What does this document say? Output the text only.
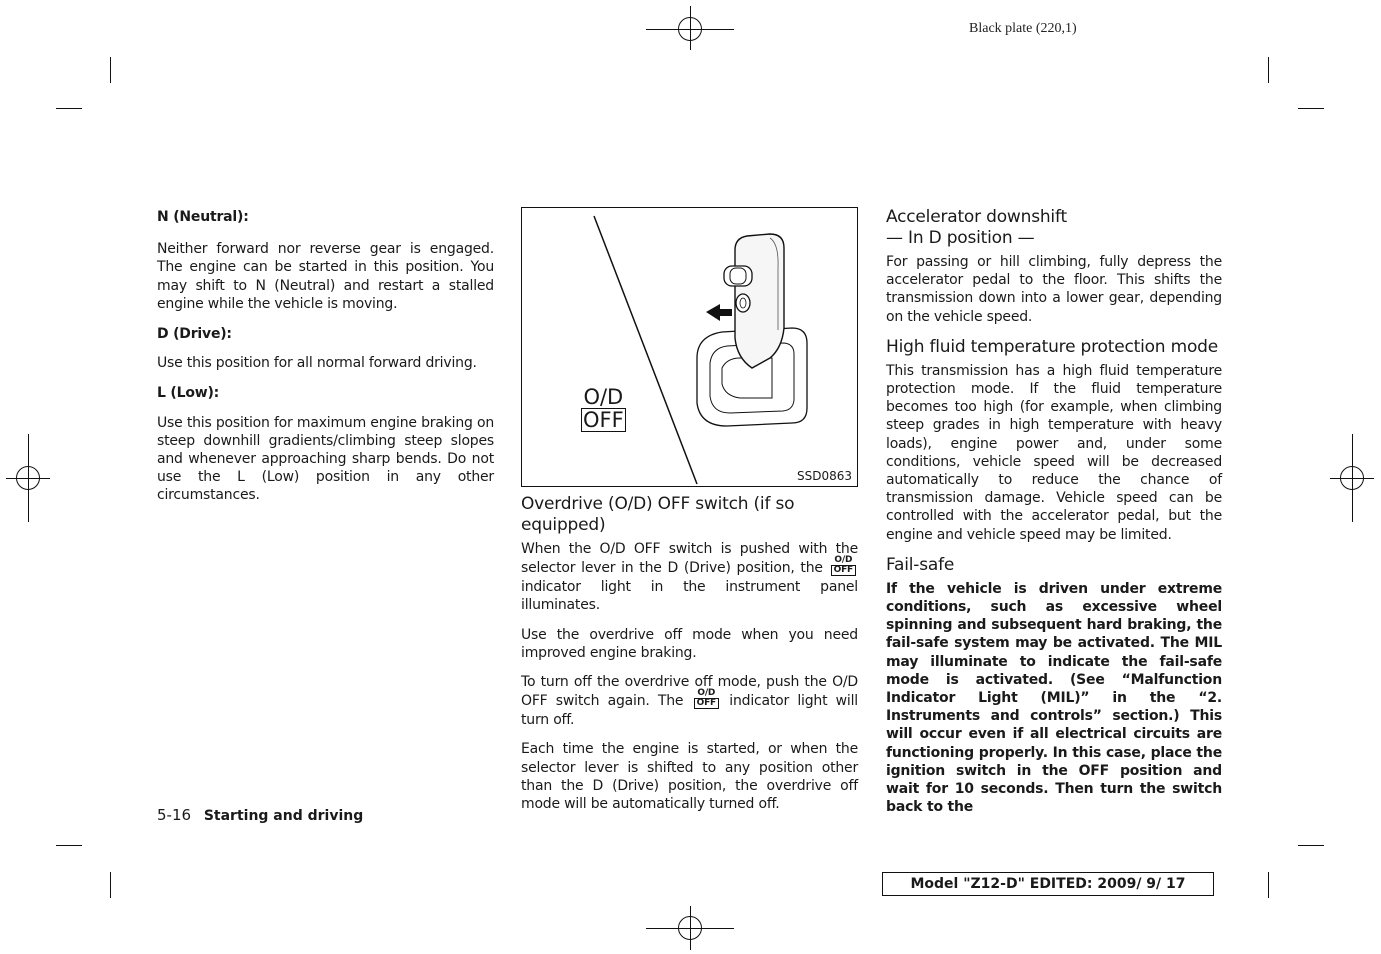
Black plate (220,1)

N (Neutral):

Neither forward nor reverse gear is engaged. The engine can be started in this position. You may shift to N (Neutral) and restart a stalled engine while the vehicle is moving.

D (Drive):

Use this position for all normal forward driving.

L (Low):

Use this position for maximum engine braking on steep downhill gradients/climbing steep slopes and whenever approaching sharp bends. Do not use the L (Low) position in any other circumstances.

O/D
OFF
SSD0863

Overdrive (O/D) OFF switch (if so equipped)

When the O/D OFF switch is pushed with the selector lever in the D (Drive) position, the O/D
OFF
indicator light in the instrument panel illuminates.

Use the overdrive off mode when you need improved engine braking.

To turn off the overdrive off mode, push the O/D OFF switch again. The O/D
OFF indicator light will turn off.

Each time the engine is started, or when the selector lever is shifted to any position other than the D (Drive) position, the overdrive off mode will be automatically turned off.

Accelerator downshift

— In D position —

For passing or hill climbing, fully depress the accelerator pedal to the floor. This shifts the transmission down into a lower gear, depending on the vehicle speed.

High fluid temperature protection mode

This transmission has a high fluid temperature protection mode. If the fluid temperature becomes too high (for example, when climbing steep grades in high temperature with heavy loads), engine power and, under some conditions, vehicle speed will be decreased automatically to reduce the chance of transmission damage. Vehicle speed can be controlled with the accelerator pedal, but the engine and vehicle speed may be limited.

Fail-safe

If the vehicle is driven under extreme conditions, such as excessive wheel spinning and subsequent hard braking, the fail-safe system may be activated. The MIL may illuminate to indicate the fail-safe mode is activated. (See “Malfunction Indicator Light (MIL)” in the “2. Instruments and controls” section.) This will occur even if all electrical circuits are functioning properly. In this case, place the ignition switch in the OFF position and wait for 10 seconds. Then turn the switch back to the

5-16 Starting and driving
Model "Z12-D" EDITED: 2009/ 9/ 17
